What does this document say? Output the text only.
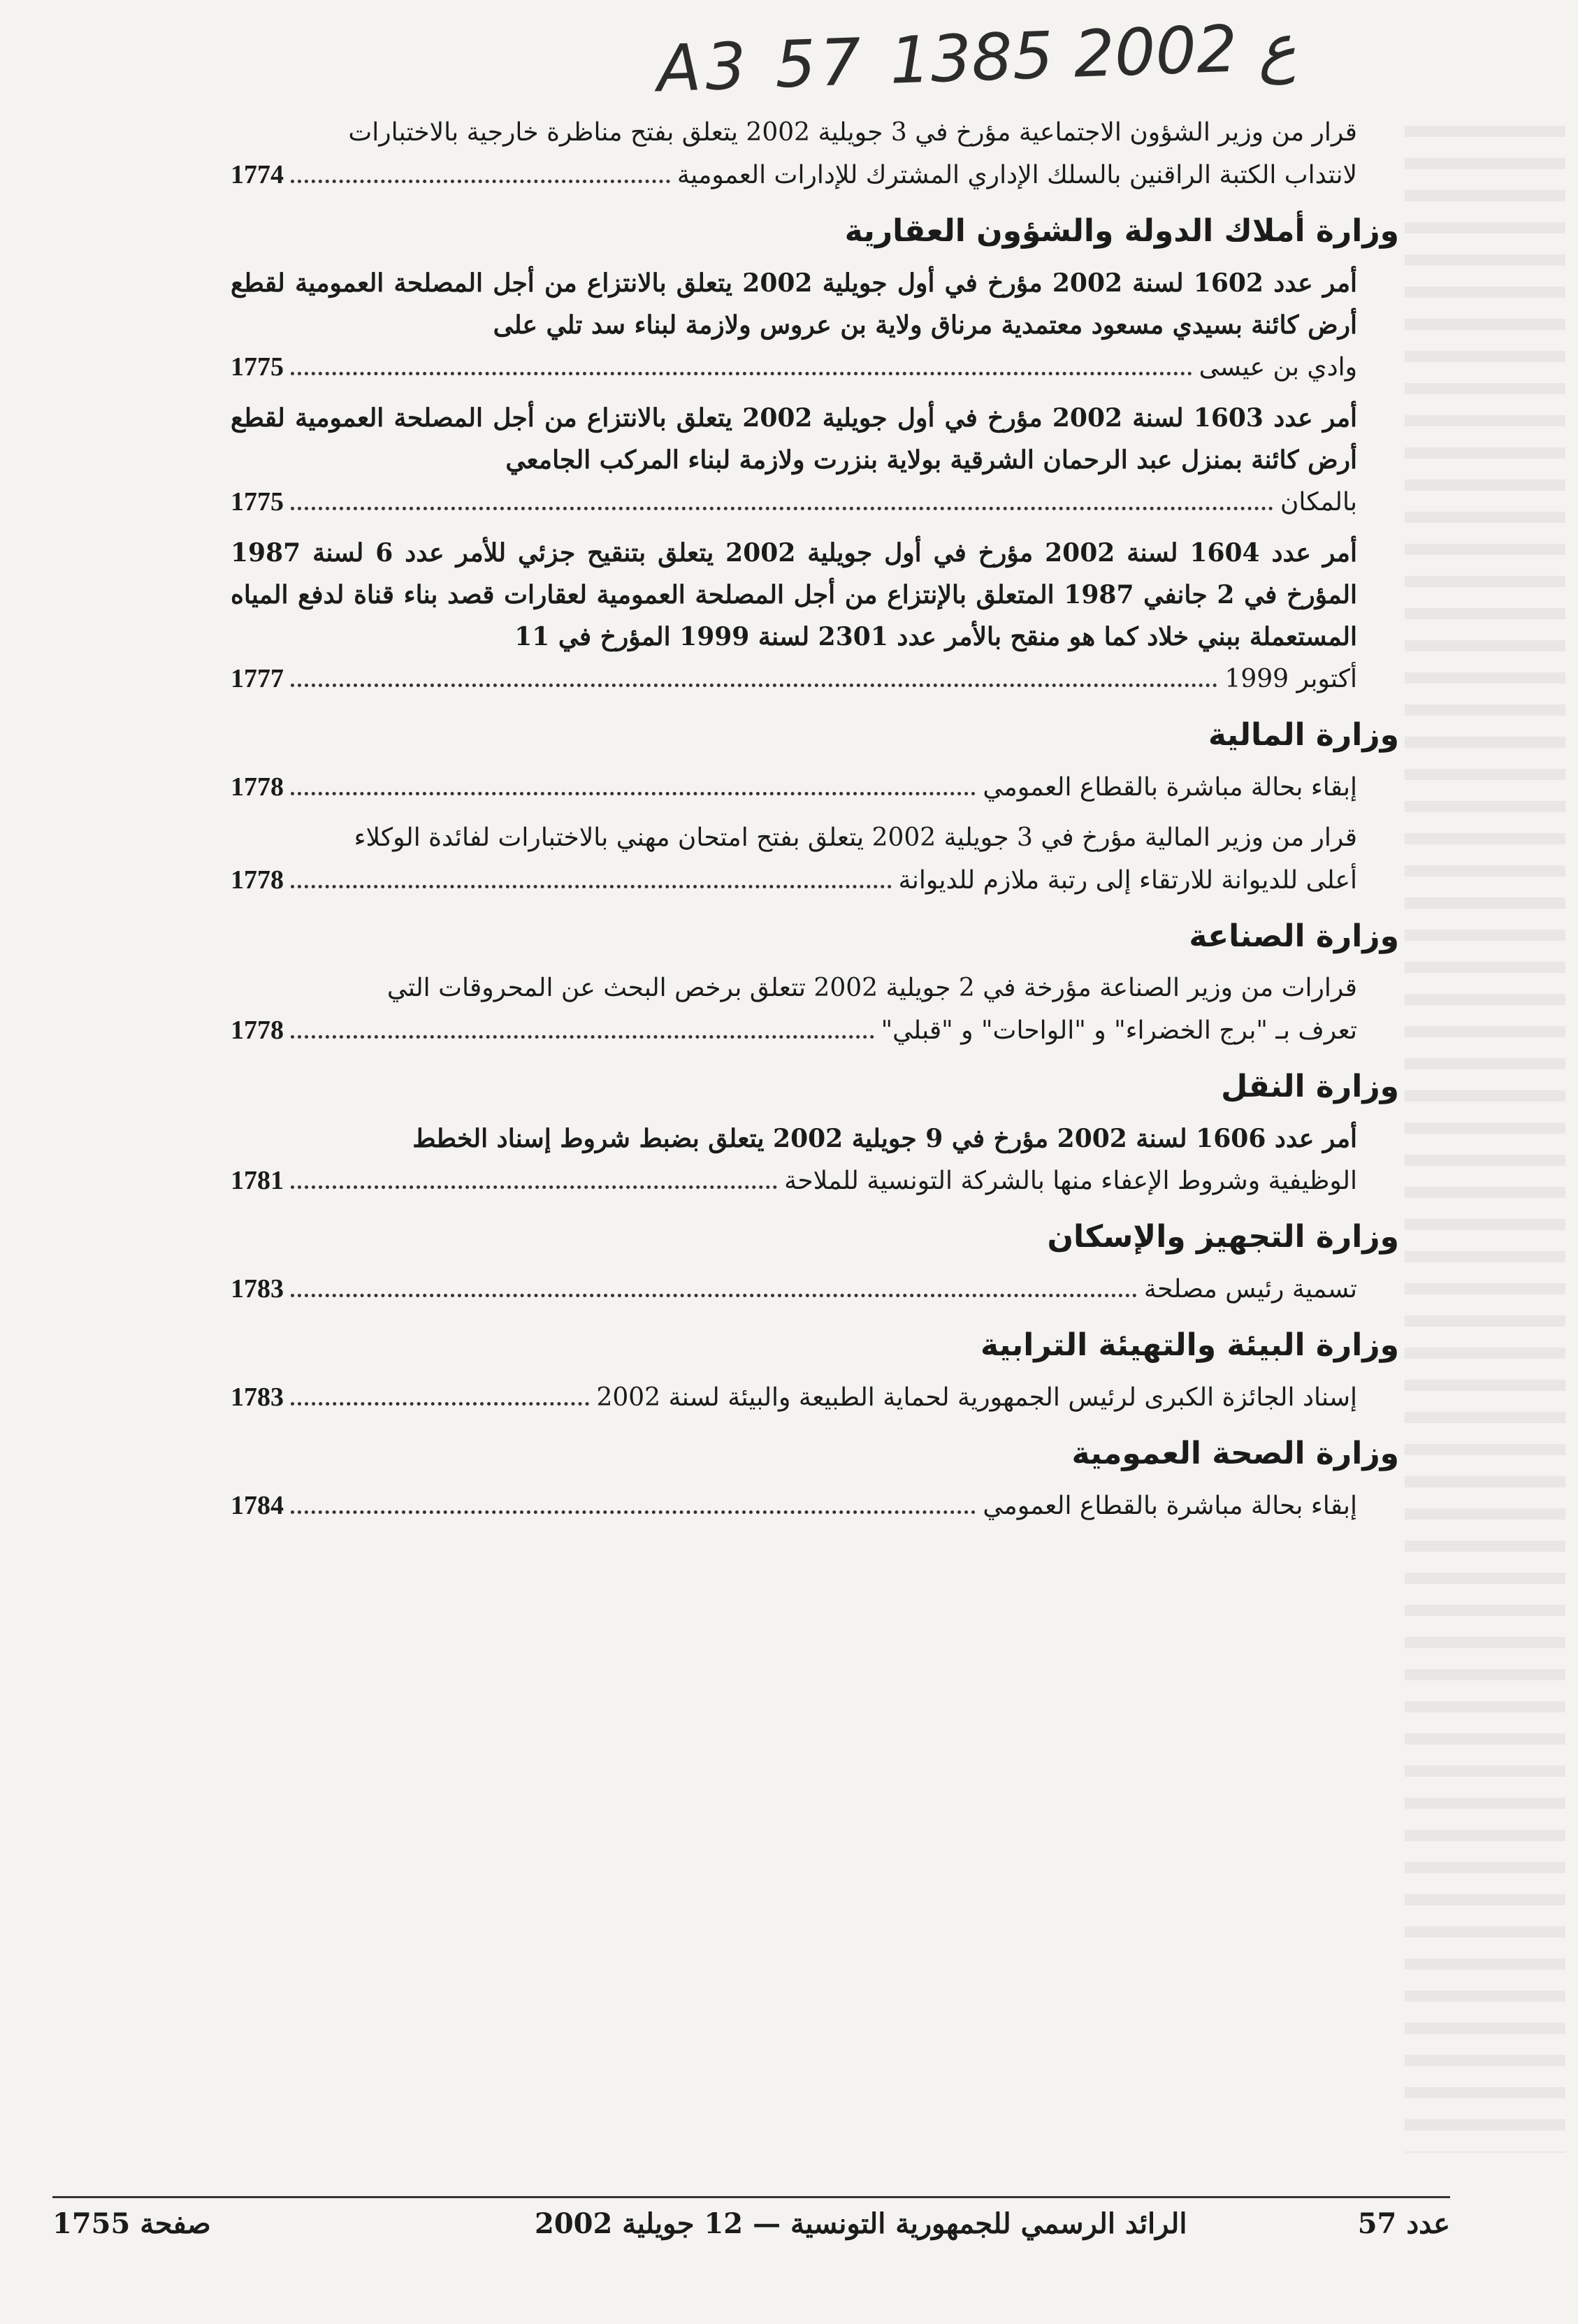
A3 57 ع 2002 1385
قرار من وزير الشؤون الاجتماعية مؤرخ في 3 جويلية 2002 يتعلق بفتح مناظرة خارجية بالاختبارات
لانتداب الكتبة الراقنين بالسلك الإداري المشترك للإدارات العمومية
1774
وزارة أملاك الدولة والشؤون العقارية
أمر عدد 1602 لسنة 2002 مؤرخ في أول جويلية 2002 يتعلق بالانتزاع من أجل المصلحة العمومية لقطع أرض كائنة بسيدي مسعود معتمدية مرناق ولاية بن عروس ولازمة لبناء سد تلي على
وادي بن عيسى
1775
أمر عدد 1603 لسنة 2002 مؤرخ في أول جويلية 2002 يتعلق بالانتزاع من أجل المصلحة العمومية لقطع أرض كائنة بمنزل عبد الرحمان الشرقية بولاية بنزرت ولازمة لبناء المركب الجامعي
بالمكان
1775
أمر عدد 1604 لسنة 2002 مؤرخ في أول جويلية 2002 يتعلق بتنقيح جزئي للأمر عدد 6 لسنة 1987 المؤرخ في 2 جانفي 1987 المتعلق بالإنتزاع من أجل المصلحة العمومية لعقارات قصد بناء قناة لدفع المياه المستعملة ببني خلاد كما هو منقح بالأمر عدد 2301 لسنة 1999 المؤرخ في 11
أكتوبر 1999
1777
وزارة المالية
إبقاء بحالة مباشرة بالقطاع العمومي
1778
قرار من وزير المالية مؤرخ في 3 جويلية 2002 يتعلق بفتح امتحان مهني بالاختبارات لفائدة الوكلاء
أعلى للديوانة للارتقاء إلى رتبة ملازم للديوانة
1778
وزارة الصناعة
قرارات من وزير الصناعة مؤرخة في 2 جويلية 2002 تتعلق برخص البحث عن المحروقات التي
تعرف بـ "برج الخضراء" و "الواحات" و "قبلي"
1778
وزارة النقل
أمر عدد 1606 لسنة 2002 مؤرخ في 9 جويلية 2002 يتعلق بضبط شروط إسناد الخطط
الوظيفية وشروط الإعفاء منها بالشركة التونسية للملاحة
1781
وزارة التجهيز والإسكان
تسمية رئيس مصلحة
1783
وزارة البيئة والتهيئة الترابية
إسناد الجائزة الكبرى لرئيس الجمهورية لحماية الطبيعة والبيئة لسنة 2002
1783
وزارة الصحة العمومية
إبقاء بحالة مباشرة بالقطاع العمومي
1784
عدد 57
الرائد الرسمي للجمهورية التونسية — 12 جويلية 2002
صفحة 1755
